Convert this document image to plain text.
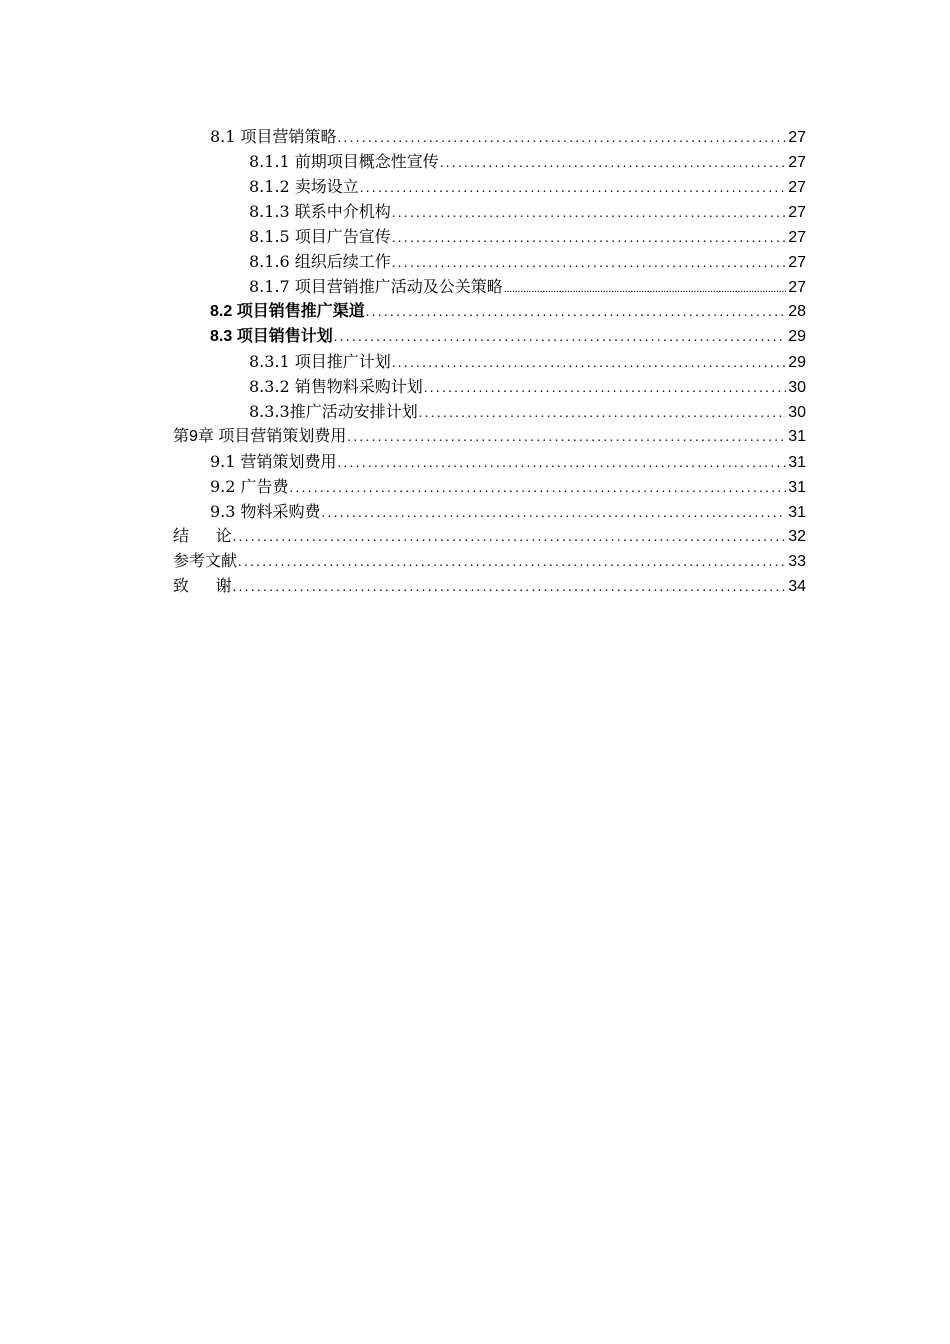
8.1 项目营销策略 .....	27
8.1.1 前期项目概念性宣传 .....	27
8.1.2 卖场设立 .....	27
8.1.3 联系中介机构 .....	27
8.1.5 项目广告宣传 .....	27
8.1.6 组织后续工作 .....	27
8.1.7 项目营销推广活动及公关策略 .....	27
8.2 项目销售推广渠道 .....	28
8.3 项目销售计划 .....	29
8.3.1 项目推广计划 .....	29
8.3.2 销售物料采购计划 .....	30
8.3.3推广活动安排计划 .....	30
第9章 项目营销策划费用 .....	31
9.1 营销策划费用 .....	31
9.2 广告费 .....	31
9.3 物料采购费 .....	31
结      论 .....	32
参考文献 .....	33
致      谢 .....	34
